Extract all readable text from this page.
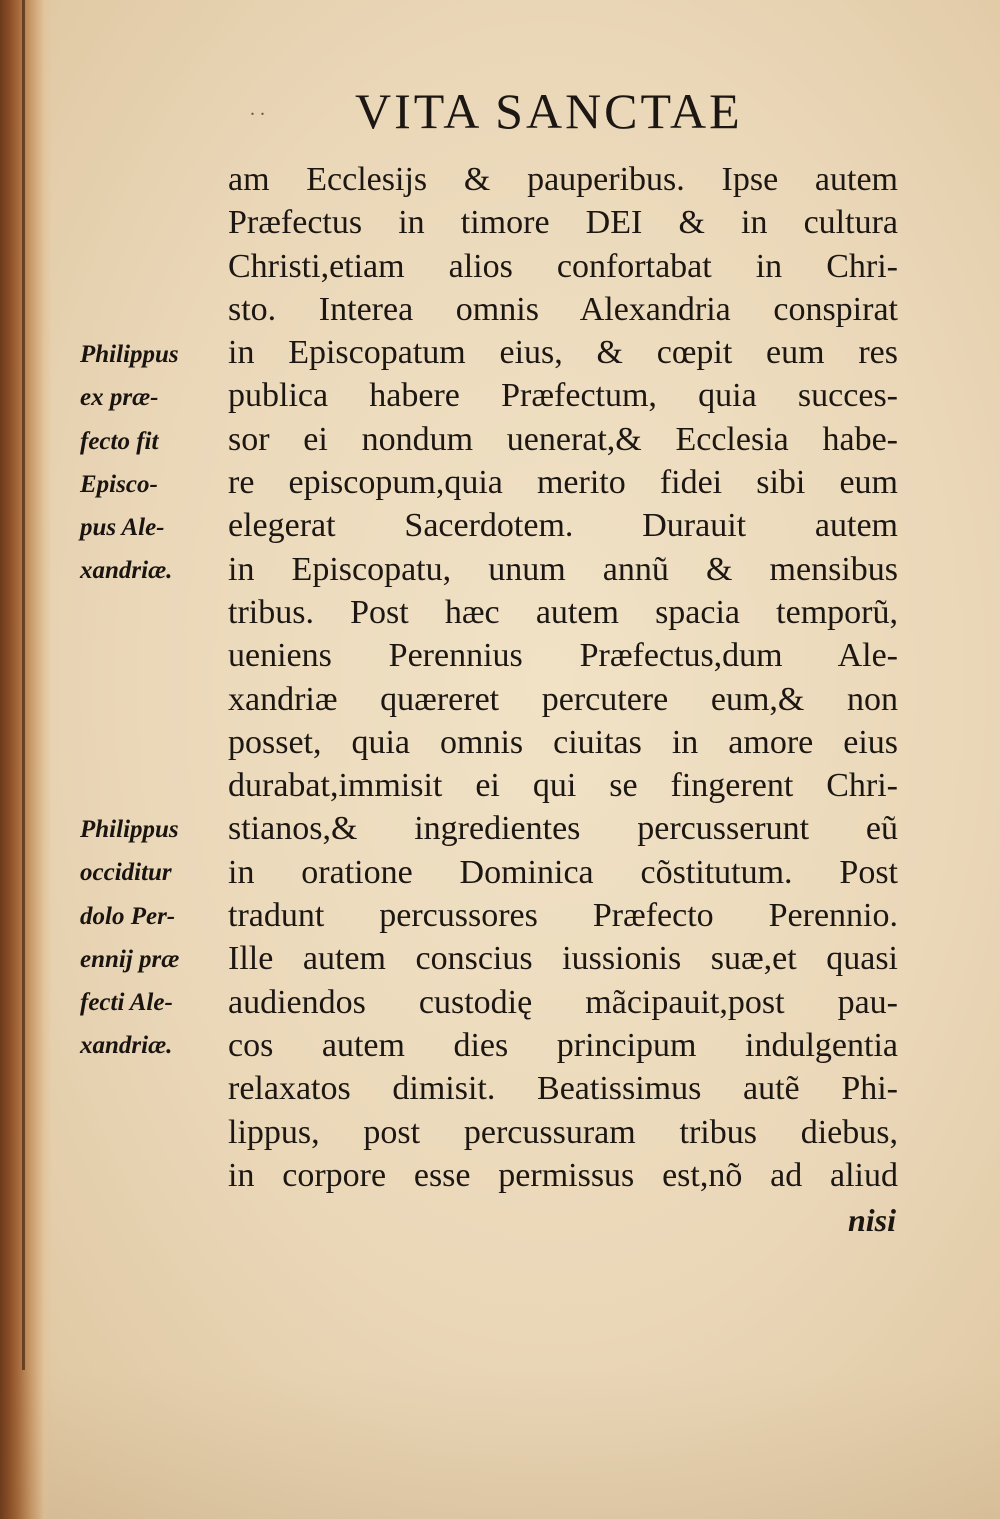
. . VITA SANCTAE
Philippus
ex præ-
fecto fit
Episco-
pus Ale-
xandriæ.
Philippus
occiditur
dolo Per-
ennij præ
fecti Ale-
xandriæ.
am Ecclesijs & pauperibus. Ipse autem
Præfectus in timore DEI & in cultura
Christi,etiam alios confortabat in Chri-
sto. Interea omnis Alexandria conspirat
in Episcopatum eius, & cœpit eum res
publica habere Præfectum, quia succes-
sor ei nondum uenerat,& Ecclesia habe-
re episcopum,quia merito fidei sibi eum
elegerat Sacerdotem. Durauit autem
in Episcopatu, unum annũ & mensibus
tribus. Post hæc autem spacia temporũ,
ueniens Perennius Præfectus,dum Ale-
xandriæ quæreret percutere eum,& non
posset, quia omnis ciuitas in amore eius
durabat,immisit ei qui se fingerent Chri-
stianos,& ingredientes percusserunt eũ
in oratione Dominica cõstitutum. Post
tradunt percussores Præfecto Perennio.
Ille autem conscius iussionis suæ,et quasi
audiendos custodię mãcipauit,post pau-
cos autem dies principum indulgentia
relaxatos dimisit. Beatissimus autẽ Phi-
lippus, post percussuram tribus diebus,
in corpore esse permissus est,nõ ad aliud
nisi
